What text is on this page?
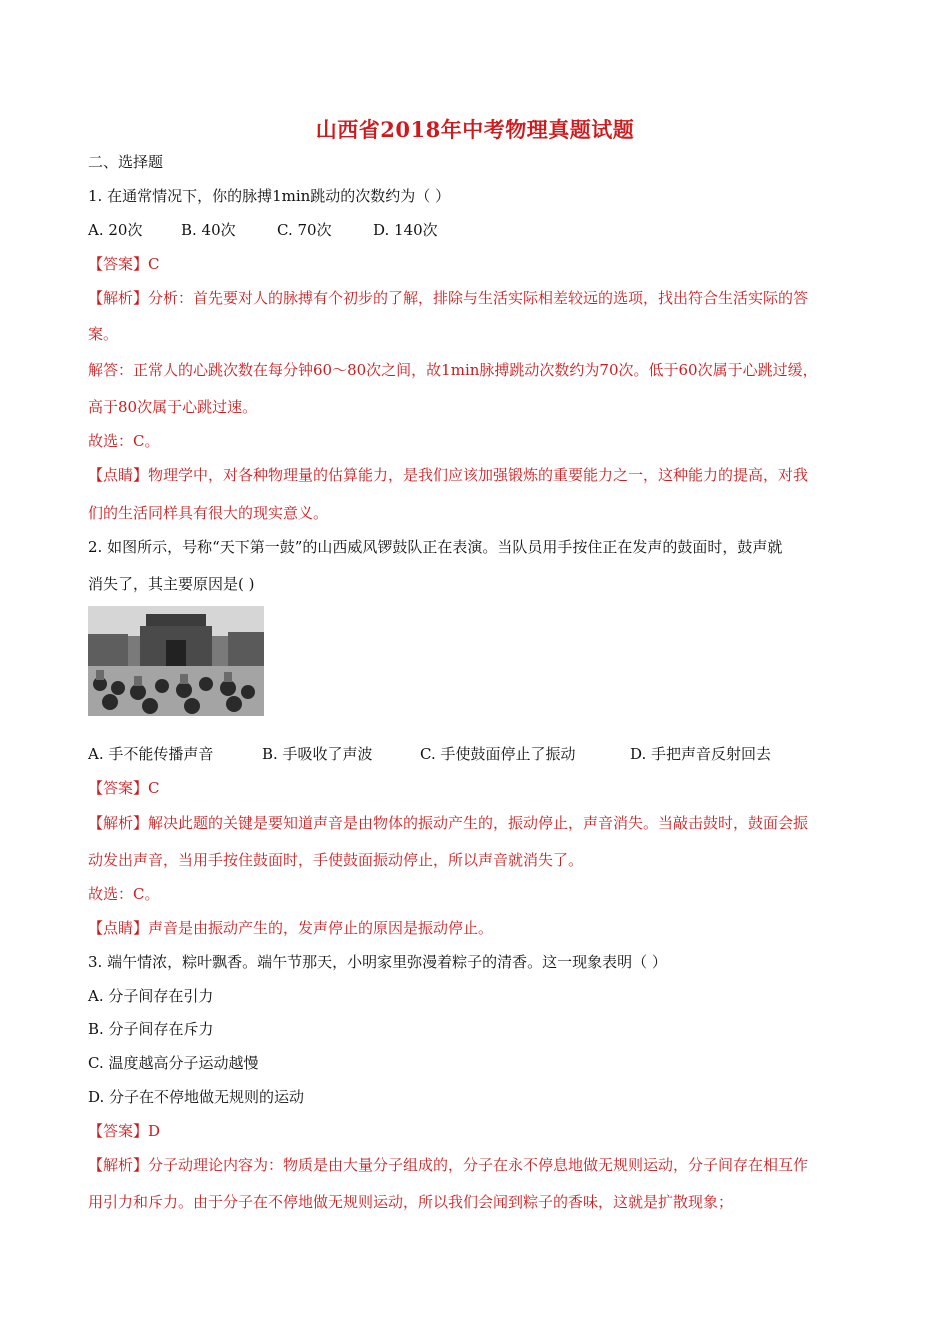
山西省2018年中考物理真题试题
二、选择题
1. 在通常情况下，你的脉搏1min跳动的次数约为（ ）
A. 20次	B. 40次	C. 70次	D. 140次
【答案】C
【解析】分析：首先要对人的脉搏有个初步的了解，排除与生活实际相差较远的选项，找出符合生活实际的答
案。
解答：正常人的心跳次数在每分钟60～80次之间，故1min脉搏跳动次数约为70次。低于60次属于心跳过缓，
高于80次属于心跳过速。
故选：C。
【点睛】物理学中，对各种物理量的估算能力，是我们应该加强锻炼的重要能力之一，这种能力的提高，对我
们的生活同样具有很大的现实意义。
2. 如图所示，号称“天下第一鼓”的山西威风锣鼓队正在表演。当队员用手按住正在发声的鼓面时，鼓声就
消失了，其主要原因是( )
A. 手不能传播声音	B. 手吸收了声波	C. 手使鼓面停止了振动	D. 手把声音反射回去
【答案】C
【解析】解决此题的关键是要知道声音是由物体的振动产生的，振动停止，声音消失。当敲击鼓时，鼓面会振
动发出声音，当用手按住鼓面时，手使鼓面振动停止，所以声音就消失了。
故选：C。
【点睛】声音是由振动产生的，发声停止的原因是振动停止。
3. 端午情浓，粽叶飘香。端午节那天，小明家里弥漫着粽子的清香。这一现象表明（ ）
A. 分子间存在引力
B. 分子间存在斥力
C. 温度越高分子运动越慢
D. 分子在不停地做无规则的运动
【答案】D
【解析】分子动理论内容为：物质是由大量分子组成的，分子在永不停息地做无规则运动，分子间存在相互作
用引力和斥力。由于分子在不停地做无规则运动，所以我们会闻到粽子的香味，这就是扩散现象；
